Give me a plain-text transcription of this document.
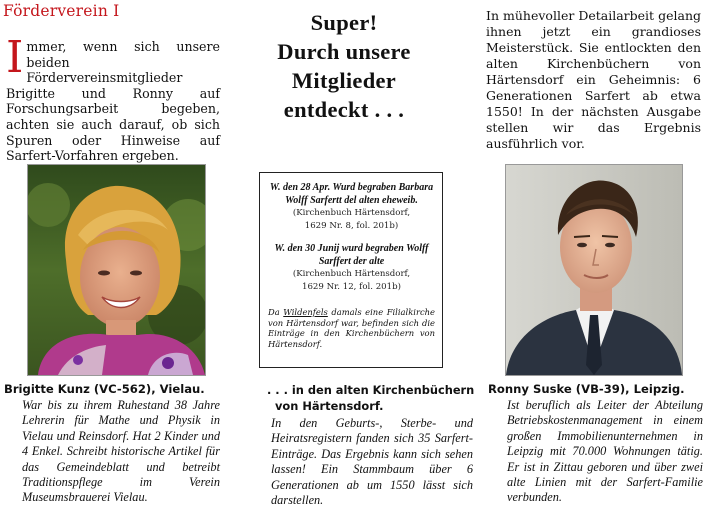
Förderverein I
Immer, wenn sich unsere beiden Fördervereinsmitglieder Brigitte und Ronny auf Forschungsarbeit begeben, achten sie auch darauf, ob sich Spuren oder Hinweise auf Sarfert-Vorfahren ergeben.
Super!
Durch unsere
Mitglieder
entdeckt . . .
In mühevoller Detailarbeit gelang ihnen jetzt ein grandioses Meisterstück. Sie entlockten den alten Kirchenbüchern von Härtensdorf ein Geheimnis: 6 Generationen Sarfert ab etwa 1550! In der nächsten Ausgabe stellen wir das Ergebnis ausführlich vor.
W. den 28 Apr. Wurd begraben Barbara Wolff Sarfertt del alten eheweib.
(Kirchenbuch Härtensdorf,
1629 Nr. 8, fol. 201b)
W. den 30 Junij wurd begraben Wolff Sarffert der alte
(Kirchenbuch Härtensdorf,
1629 Nr. 12, fol. 201b)
Da Wildenfels damals eine Filialkirche von Härtensdorf war, befinden sich die Einträge in den Kirchenbüchern von Härtensdorf.
Brigitte Kunz (VC-562), Vielau.
War bis zu ihrem Ruhestand 38 Jahre Lehrerin für Mathe und Physik in Vielau und Reinsdorf. Hat 2 Kinder und 4 Enkel. Schreibt historische Artikel für das Gemeindeblatt und betreibt Traditionspflege im Verein Museumsbrauerei Vielau.
. . . in den alten Kirchenbüchern
von Härtensdorf.
In den Geburts-, Sterbe- und Heiratsregistern fanden sich 35 Sarfert-Einträge. Das Ergebnis kann sich sehen lassen! Ein Stammbaum über 6 Generationen ab um 1550 lässt sich darstellen.
Ronny Suske (VB-39), Leipzig.
Ist beruflich als Leiter der Abteilung Betriebskostenmanagement in einem großen Immobilienunternehmen in Leipzig mit 70.000 Wohnungen tätig. Er ist in Zittau geboren und über zwei alte Linien mit der Sarfert-Familie verbunden.
